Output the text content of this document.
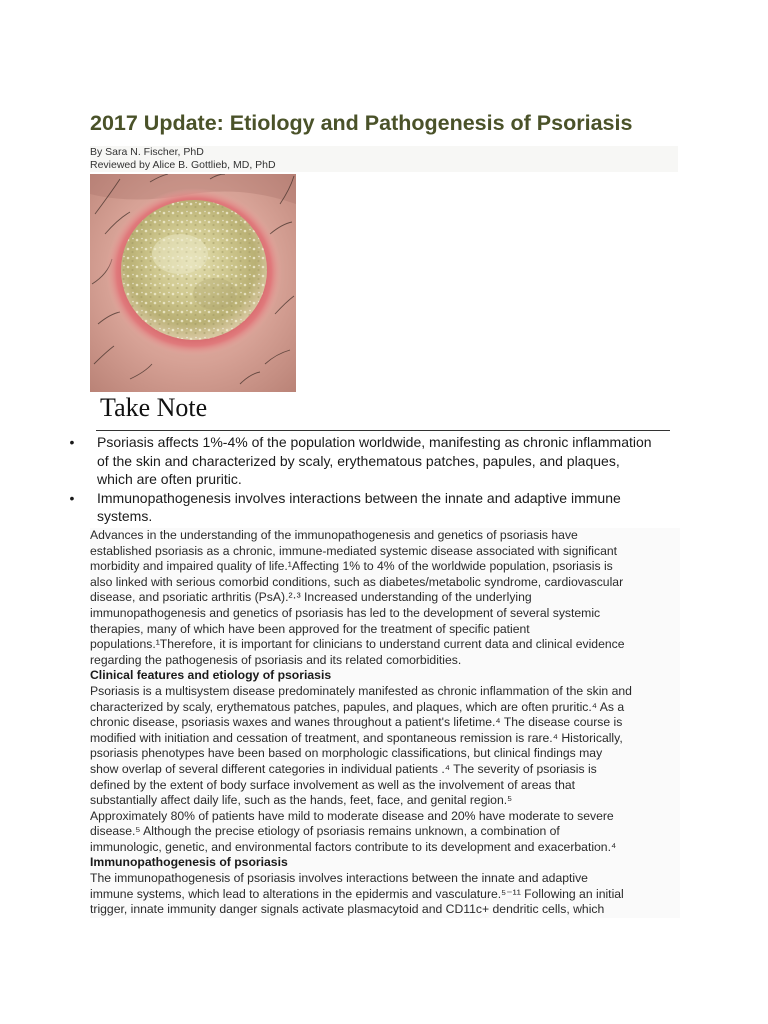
2017 Update: Etiology and Pathogenesis of Psoriasis
By Sara N. Fischer, PhD
Reviewed by Alice B. Gottlieb, MD, PhD
Take Note
•	Psoriasis affects 1%-4% of the population worldwide, manifesting as chronic inflammation
of the skin and characterized by scaly, erythematous patches, papules, and plaques,
which are often pruritic.
•	Immunopathogenesis involves interactions between the innate and adaptive immune
systems.

Advances in the understanding of the immunopathogenesis and genetics of psoriasis have
established psoriasis as a chronic, immune-mediated systemic disease associated with significant
morbidity and impaired quality of life.¹Affecting 1% to 4% of the worldwide population, psoriasis is
also linked with serious comorbid conditions, such as diabetes/metabolic syndrome, cardiovascular
disease, and psoriatic arthritis (PsA).²·³ Increased understanding of the underlying
immunopathogenesis and genetics of psoriasis has led to the development of several systemic
therapies, many of which have been approved for the treatment of specific patient
populations.¹Therefore, it is important for clinicians to understand current data and clinical evidence
regarding the pathogenesis of psoriasis and its related comorbidities.

Clinical features and etiology of psoriasis

Psoriasis is a multisystem disease predominately manifested as chronic inflammation of the skin and
characterized by scaly, erythematous patches, papules, and plaques, which are often pruritic.⁴ As a
chronic disease, psoriasis waxes and wanes throughout a patient's lifetime.⁴ The disease course is
modified with initiation and cessation of treatment, and spontaneous remission is rare.⁴ Historically,
psoriasis phenotypes have been based on morphologic classifications, but clinical findings may
show overlap of several different categories in individual patients .⁴ The severity of psoriasis is
defined by the extent of body surface involvement as well as the involvement of areas that
substantially affect daily life, such as the hands, feet, face, and genital region.⁵
Approximately 80% of patients have mild to moderate disease and 20% have moderate to severe
disease.⁵ Although the precise etiology of psoriasis remains unknown, a combination of
immunologic, genetic, and environmental factors contribute to its development and exacerbation.⁴

Immunopathogenesis of psoriasis

The immunopathogenesis of psoriasis involves interactions between the innate and adaptive
immune systems, which lead to alterations in the epidermis and vasculature.⁵⁻¹¹ Following an initial
trigger, innate immunity danger signals activate plasmacytoid and CD11c+ dendritic cells, which
